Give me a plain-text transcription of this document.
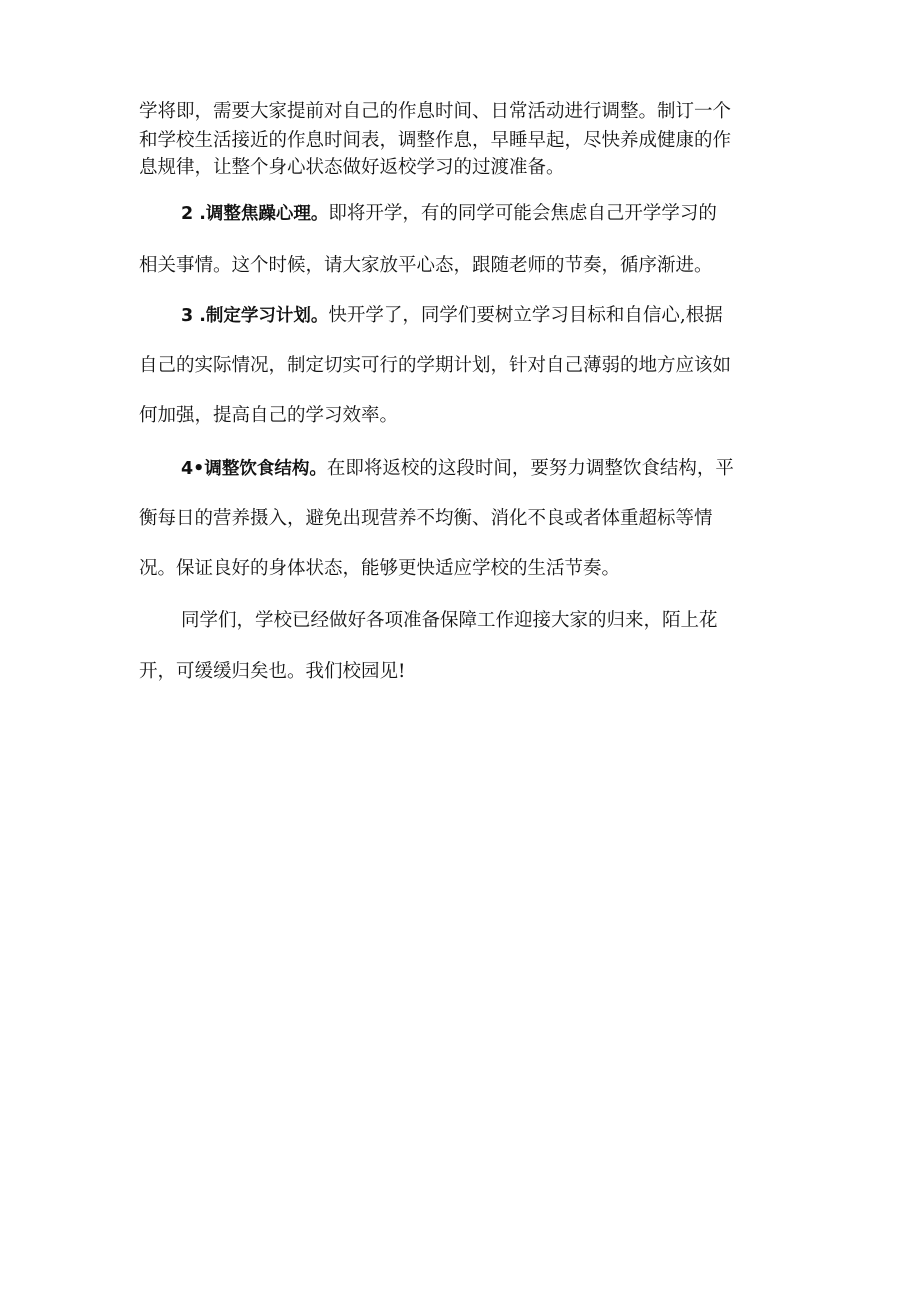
学将即，需要大家提前对自己的作息时间、日常活动进行调整。制订一个
和学校生活接近的作息时间表，调整作息，早睡早起，尽快养成健康的作
息规律，让整个身心状态做好返校学习的过渡准备。
2 .调整焦躁心理。即将开学，有的同学可能会焦虑自己开学学习的
相关事情。这个时候，请大家放平心态，跟随老师的节奏，循序渐进。
3 .制定学习计划。快开学了，同学们要树立学习目标和自信心,根据
自己的实际情况，制定切实可行的学期计划，针对自己薄弱的地方应该如
何加强，提高自己的学习效率。
4•调整饮食结构。在即将返校的这段时间，要努力调整饮食结构，平
衡每日的营养摄入，避免出现营养不均衡、消化不良或者体重超标等情
况。保证良好的身体状态，能够更快适应学校的生活节奏。
同学们，学校已经做好各项准备保障工作迎接大家的归来，陌上花
开，可缓缓归矣也。我们校园见!
